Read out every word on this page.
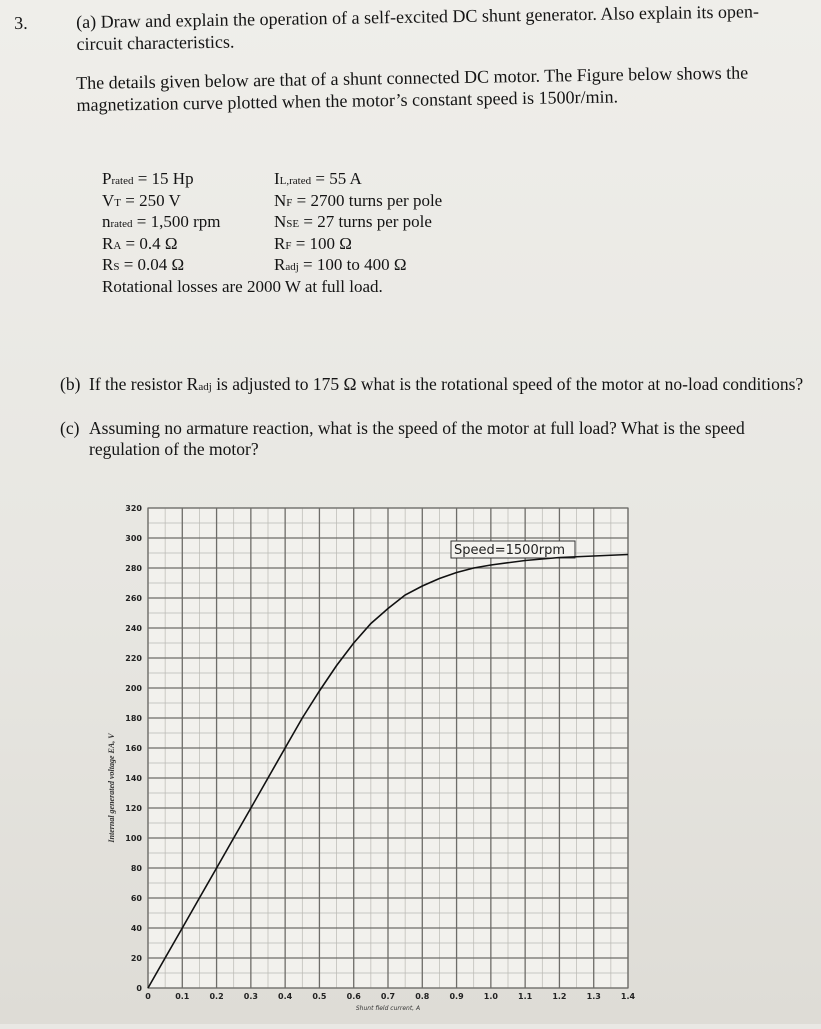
3.	(a) Draw and explain the operation of a self-excited DC shunt generator. Also explain its open-circuit characteristics.
The details given below are that of a shunt connected DC motor. The Figure below shows the magnetization curve plotted when the motor’s constant speed is 1500r/min.
Prated = 15 Hp	IL,rated = 55 A
VT = 250 V	NF = 2700 turns per pole
nrated = 1,500 rpm	NSE = 27 turns per pole
RA = 0.4 Ω	RF = 100 Ω
RS = 0.04 Ω	Radj = 100 to 400 Ω
Rotational losses are 2000 W at full load.
(b) If the resistor Radj is adjusted to 175 Ω what is the rotational speed of the motor at no-load conditions?
(c) Assuming no armature reaction, what is the speed of the motor at full load? What is the speed regulation of the motor?
0
20
40
60
80
100
120
140
160
180
200
220
240
260
280
300
320
0	0.1	0.2	0.3	0.4	0.5	0.6	0.7	0.8	0.9	1.0	1.1	1.2	1.3	1.4
Shunt field current, A
Internal generated voltage EA, V
Speed=1500rpm
